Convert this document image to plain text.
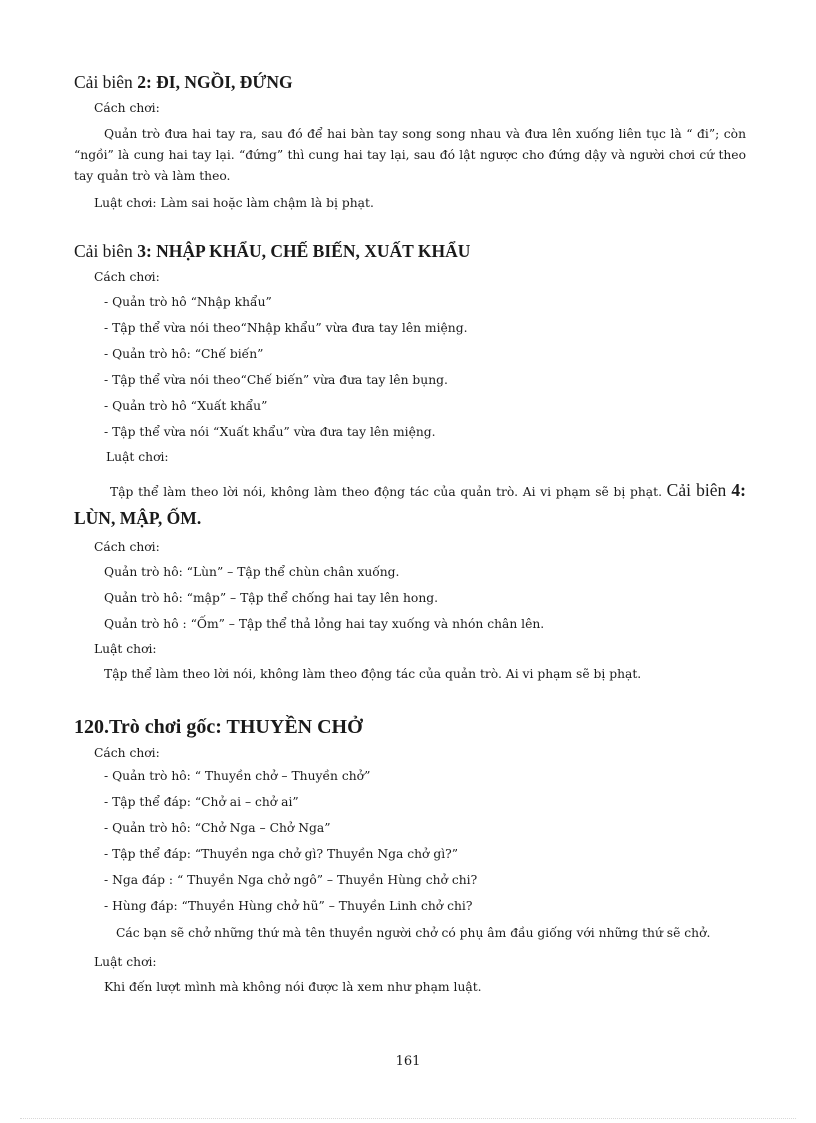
Cải biên 2: ĐI, NGỒI, ĐỨNG

Cách chơi:

Quản trò đưa hai tay ra, sau đó để hai bàn tay song song nhau và đưa lên xuống liên tục là “ đi”; còn “ngồi” là cung hai tay lại. “đứng” thì cung hai tay lại, sau đó lật ngược cho đứng dậy và người chơi cứ theo tay quản trò và làm theo.

Luật chơi: Làm sai hoặc làm chậm là bị phạt.

Cải biên 3: NHẬP KHẨU, CHẾ BIẾN, XUẤT KHẨU

Cách chơi:

- Quản trò hô “Nhập khẩu”

- Tập thể vừa nói theo“Nhập khẩu” vừa đưa tay lên miệng.

- Quản trò hô: “Chế biến”

- Tập thể vừa nói theo“Chế biến” vừa đưa tay lên bụng.

- Quản trò hô “Xuất khẩu”

- Tập thể vừa nói “Xuất khẩu” vừa đưa tay lên miệng.

Luật chơi:

Tập thể làm theo lời nói, không làm theo động tác của quản trò. Ai vi phạm sẽ bị phạt. Cải biên 4: LÙN, MẬP, ỐM.

Cách chơi:

Quản trò hô: “Lùn” – Tập thể chùn chân xuống.

Quản trò hô: “mập” – Tập thể chống hai tay lên hong.

Quản trò hô : “Ốm” – Tập thể thả lỏng hai tay xuống và nhón chân lên.

Luật chơi:

Tập thể làm theo lời nói, không làm theo động tác của quản trò. Ai vi phạm sẽ bị phạt.

120.Trò chơi gốc: THUYỀN CHỞ

Cách chơi:

- Quản trò hô: “ Thuyền chở – Thuyền chở”

- Tập thể đáp: “Chở ai – chở ai”

- Quản trò hô: “Chở Nga – Chở Nga”

- Tập thể đáp: “Thuyền nga chở gì? Thuyền Nga chở gì?”

- Nga đáp : “ Thuyền Nga chở ngô” – Thuyền Hùng chở chi?

- Hùng đáp: “Thuyền Hùng chở hũ” – Thuyền Linh chở chi?

Các bạn sẽ chở những thứ mà tên thuyền người chở có phụ âm đầu giống với những thứ sẽ chở.

Luật chơi:

Khi đến lượt mình mà không nói được là xem như phạm luật.

161
